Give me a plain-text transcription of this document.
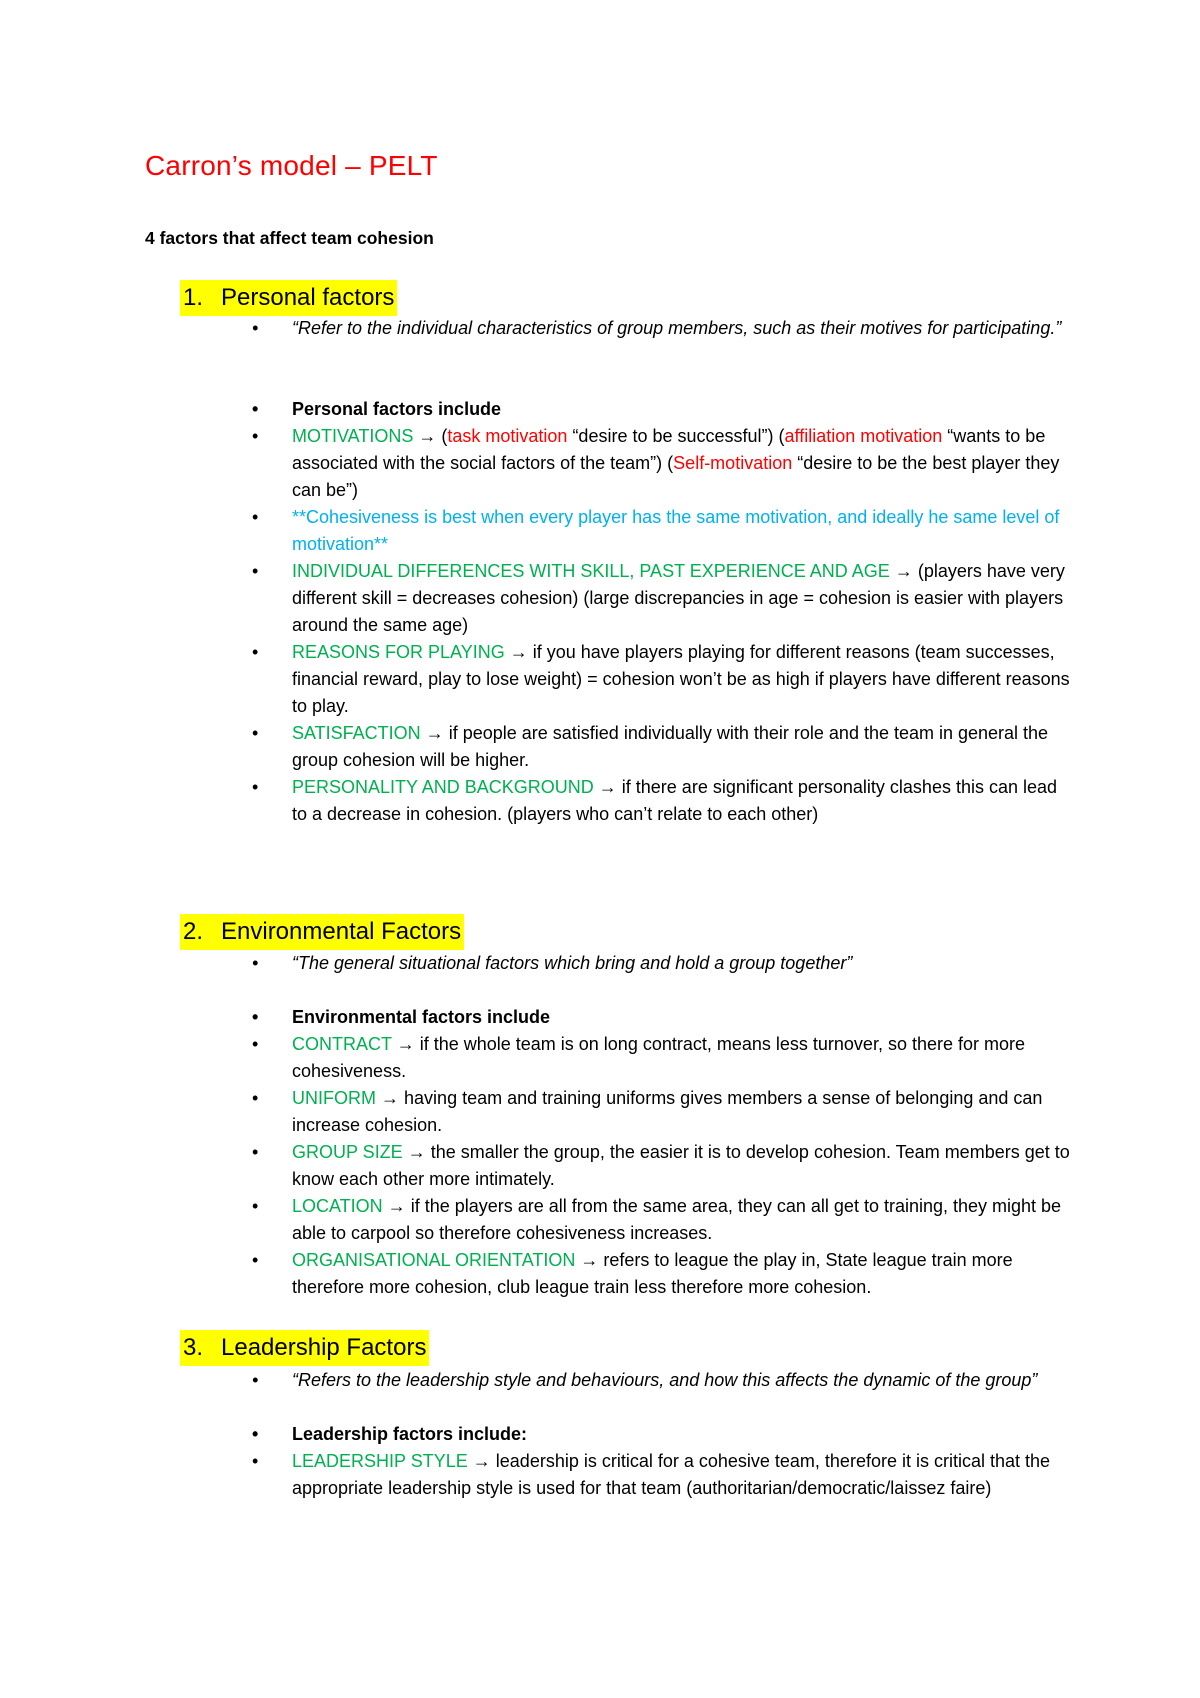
Carron’s model – PELT

4 factors that affect team cohesion

1. Personal factors

• “Refer to the individual characteristics of group members, such as their motives for participating.”

• Personal factors include

• MOTIVATIONS → (task motivation “desire to be successful”) (affiliation motivation “wants to be associated with the social factors of the team”) (Self-motivation “desire to be the best player they can be”)

• **Cohesiveness is best when every player has the same motivation, and ideally he same level of motivation**

• INDIVIDUAL DIFFERENCES WITH SKILL, PAST EXPERIENCE AND AGE → (players have very different skill = decreases cohesion) (large discrepancies in age = cohesion is easier with players around the same age)

• REASONS FOR PLAYING → if you have players playing for different reasons (team successes, financial reward, play to lose weight) = cohesion won’t be as high if players have different reasons to play.

• SATISFACTION → if people are satisfied individually with their role and the team in general the group cohesion will be higher.

• PERSONALITY AND BACKGROUND → if there are significant personality clashes this can lead to a decrease in cohesion. (players who can’t relate to each other)

2. Environmental Factors

• “The general situational factors which bring and hold a group together”

• Environmental factors include

• CONTRACT → if the whole team is on long contract, means less turnover, so there for more cohesiveness.

• UNIFORM → having team and training uniforms gives members a sense of belonging and can increase cohesion.

• GROUP SIZE → the smaller the group, the easier it is to develop cohesion. Team members get to know each other more intimately.

• LOCATION → if the players are all from the same area, they can all get to training, they might be able to carpool so therefore cohesiveness increases.

• ORGANISATIONAL ORIENTATION → refers to league the play in, State league train more therefore more cohesion, club league train less therefore more cohesion.

3. Leadership Factors

• “Refers to the leadership style and behaviours, and how this affects the dynamic of the group”

• Leadership factors include:

• LEADERSHIP STYLE → leadership is critical for a cohesive team, therefore it is critical that the appropriate leadership style is used for that team (authoritarian/democratic/laissez faire)
